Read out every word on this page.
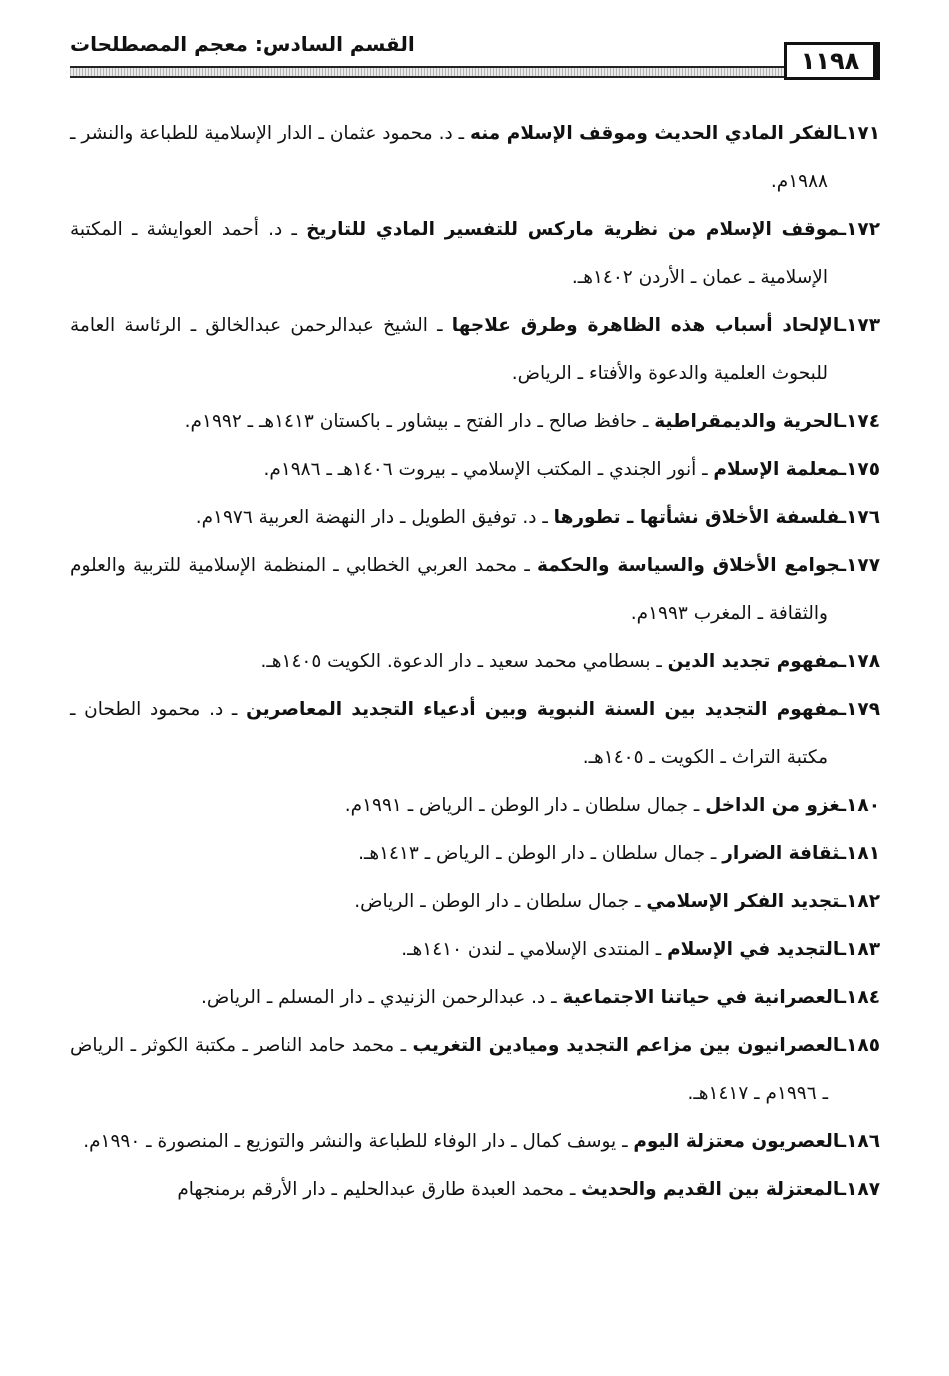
القسم السادس: معجم المصطلحات
١١٩٨

١٧١ـالفكر المادي الحديث وموقف الإسلام منه ـ د. محمود عثمان ـ الدار الإسلامية للطباعة والنشر ـ ١٩٨٨م.

١٧٢ـموقف الإسلام من نظرية ماركس للتفسير المادي للتاريخ ـ د. أحمد العوايشة ـ المكتبة الإسلامية ـ عمان ـ الأردن ١٤٠٢هـ.

١٧٣ـالإلحاد أسباب هذه الظاهرة وطرق علاجها ـ الشيخ عبدالرحمن عبدالخالق ـ الرئاسة العامة للبحوث العلمية والدعوة والأفتاء ـ الرياض.

١٧٤ـالحرية والديمقراطية ـ حافظ صالح ـ دار الفتح ـ بيشاور ـ باكستان ١٤١٣هـ ـ ١٩٩٢م.

١٧٥ـمعلمة الإسلام ـ أنور الجندي ـ المكتب الإسلامي ـ بيروت ١٤٠٦هـ ـ ١٩٨٦م.

١٧٦ـفلسفة الأخلاق نشأتها ـ تطورها ـ د. توفيق الطويل ـ دار النهضة العربية ١٩٧٦م.

١٧٧ـجوامع الأخلاق والسياسة والحكمة ـ محمد العربي الخطابي ـ المنظمة الإسلامية للتربية والعلوم والثقافة ـ المغرب ١٩٩٣م.

١٧٨ـمفهوم تجديد الدين ـ بسطامي محمد سعيد ـ دار الدعوة. الكويت ١٤٠٥هـ.

١٧٩ـمفهوم التجديد بين السنة النبوية وبين أدعياء التجديد المعاصرين ـ د. محمود الطحان ـ مكتبة التراث ـ الكويت ـ ١٤٠٥هـ.

١٨٠ـغزو من الداخل ـ جمال سلطان ـ دار الوطن ـ الرياض ـ ١٩٩١م.

١٨١ـثقافة الضرار ـ جمال سلطان ـ دار الوطن ـ الرياض ـ ١٤١٣هـ.

١٨٢ـتجديد الفكر الإسلامي ـ جمال سلطان ـ دار الوطن ـ الرياض.

١٨٣ـالتجديد في الإسلام ـ المنتدى الإسلامي ـ لندن ١٤١٠هـ.

١٨٤ـالعصرانية في حياتنا الاجتماعية ـ د. عبدالرحمن الزنيدي ـ دار المسلم ـ الرياض.

١٨٥ـالعصرانيون بين مزاعم التجديد وميادين التغريب ـ محمد حامد الناصر ـ مكتبة الكوثر ـ الرياض ـ ١٩٩٦م ـ ١٤١٧هـ.

١٨٦ـالعصريون معتزلة اليوم ـ يوسف كمال ـ دار الوفاء للطباعة والنشر والتوزيع ـ المنصورة ـ ١٩٩٠م.

١٨٧ـالمعتزلة بين القديم والحديث ـ محمد العبدة طارق عبدالحليم ـ دار الأرقم برمنجهام
